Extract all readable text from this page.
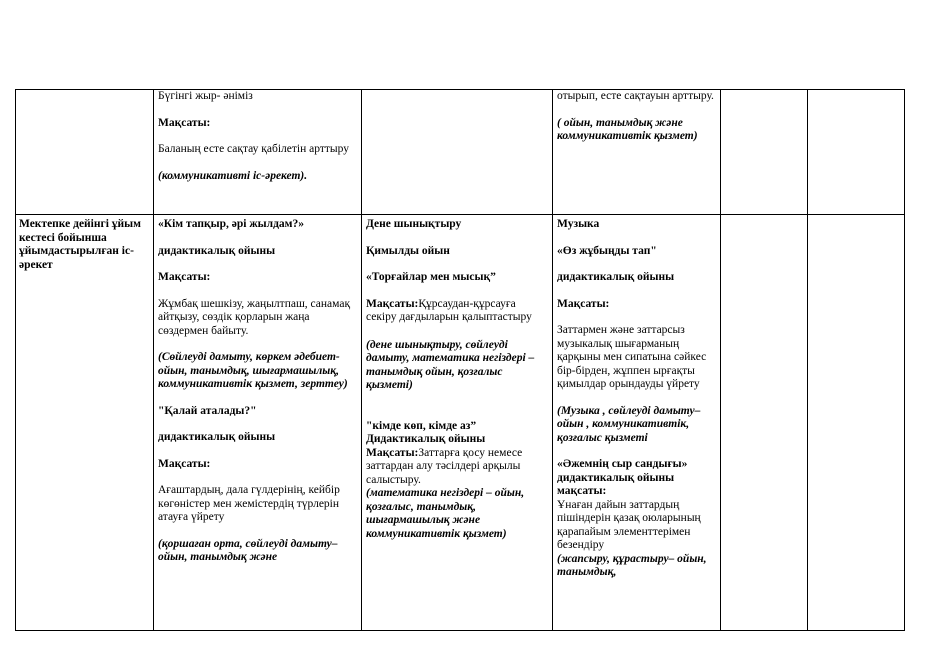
Бүгінгі жыр- әніміз

Мақсаты:

Баланың есте сақтау қабілетін арттыру

(коммуникативті іс-әрекет).

отырып, есте сақтауын арттыру.

( ойын, танымдық және коммуникативтік қызмет)

Мектепке дейінгі ұйым кестесі бойынша ұйымдастырылған іс-әрекет

«Кім тапқыр, әрі жылдам?»

дидактикалық ойыны

Мақсаты:

Жұмбақ шешкізу, жаңылтпаш, санамақ айтқызу, сөздік қорларын жаңа сөздермен байыту.

(Сөйлеуді дамыту, көркем әдебиет- ойын, танымдық, шығармашылық, коммуникативтік қызмет, зерттеу)

"Қалай аталады?"

дидактикалық ойыны

Мақсаты:

Ағаштардың, дала гүлдерінің, кейбір көгөністер мен жемістердің түрлерін атауға үйрету

(қоршаған орта, сөйлеуді дамыту– ойын, танымдық және

Дене шынықтыру

Қимылды ойын

«Торғайлар мен мысық”

Мақсаты:Құрсаудан-құрсауға секіру дағдыларын қалыптастыру

(дене шынықтыру, сөйлеуді дамыту, математика негіздері – танымдық ойын, қозғалыс қызметі)

"кімде көп, кімде аз”

Дидактикалық ойыны

Мақсаты:Заттарға қосу немесе заттардан алу тәсілдері арқылы салыстыру.

(математика негіздері – ойын, қозғалыс, танымдық, шығармашылық және коммуникативтік қызмет)

Музыка

«Өз жұбыңды тап"

дидактикалық ойыны

Мақсаты:

Заттармен және заттарсыз музыкалық шығарманың қарқыны мен сипатына сәйкес бір-бірден, жұппен ырғақты қимылдар орындауды үйрету

(Музыка , сөйлеуді дамыту– ойын , коммуникативтік, қозғалыс қызметі

«Әжемнің сыр сандығы»

дидактикалық ойыны

мақсаты:

Ұнаған дайын заттардың пішіндерін қазақ оюларының қарапайым элементтерімен безендіру

(жапсыру, құрастыру– ойын, танымдық,
